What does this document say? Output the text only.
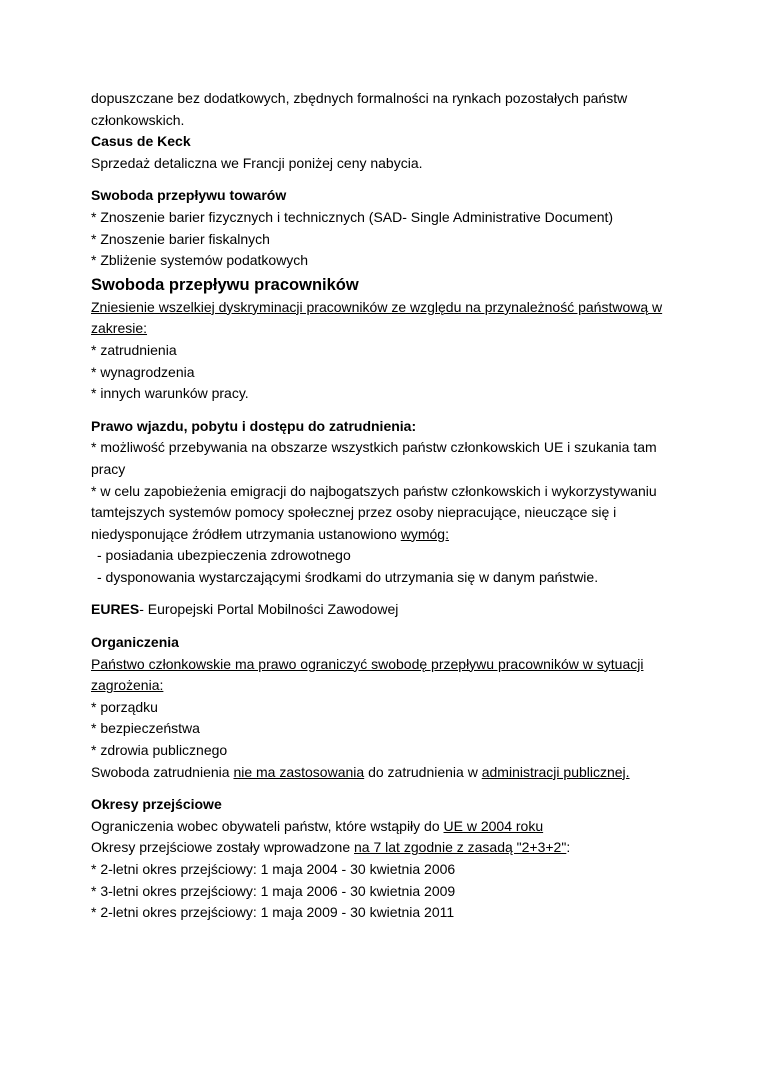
dopuszczane bez dodatkowych, zbędnych formalności na rynkach pozostałych państw
członkowskich.
Casus de Keck
Sprzedaż detaliczna we Francji poniżej ceny nabycia.
Swoboda przepływu towarów
* Znoszenie barier fizycznych i technicznych (SAD- Single Administrative Document)
* Znoszenie barier fiskalnych
* Zbliżenie systemów podatkowych
Swoboda przepływu pracowników
Zniesienie wszelkiej dyskryminacji pracowników ze względu na przynależność państwową w
zakresie:
* zatrudnienia
* wynagrodzenia
* innych warunków pracy.
Prawo wjazdu, pobytu i dostępu do zatrudnienia:
* możliwość przebywania na obszarze wszystkich państw członkowskich UE i szukania tam
pracy
* w celu zapobieżenia emigracji do najbogatszych państw członkowskich i wykorzystywaniu
tamtejszych systemów pomocy społecznej przez osoby niepracujące, nieuczące się i
niedysponujące źródłem utrzymania ustanowiono wymóg:
- posiadania ubezpieczenia zdrowotnego
- dysponowania wystarczającymi środkami do utrzymania się w danym państwie.
EURES- Europejski Portal Mobilności Zawodowej
Organiczenia
Państwo członkowskie ma prawo ograniczyć swobodę przepływu pracowników w sytuacji
zagrożenia:
* porządku
* bezpieczeństwa
* zdrowia publicznego
Swoboda zatrudnienia nie ma zastosowania do zatrudnienia w administracji publicznej.
Okresy przejściowe
Ograniczenia wobec obywateli państw, które wstąpiły do UE w 2004 roku
Okresy przejściowe zostały wprowadzone na 7 lat zgodnie z zasadą "2+3+2":
* 2-letni okres przejściowy: 1 maja 2004 - 30 kwietnia 2006
* 3-letni okres przejściowy: 1 maja 2006 - 30 kwietnia 2009
* 2-letni okres przejściowy: 1 maja 2009 - 30 kwietnia 2011
